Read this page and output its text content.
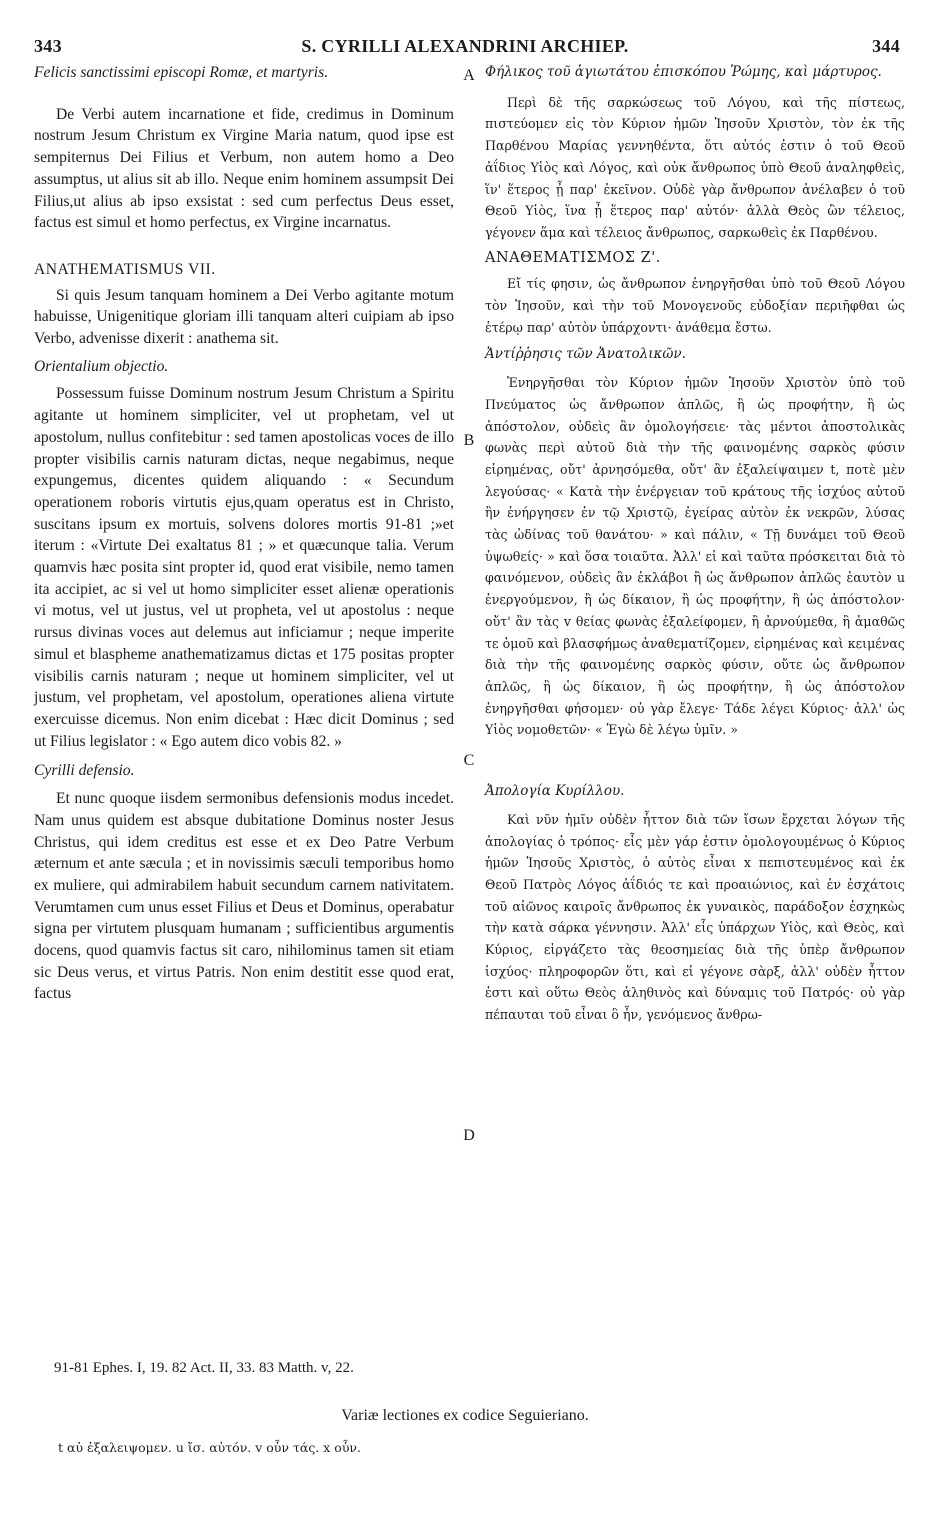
343	S. CYRILLI ALEXANDRINI ARCHIEP.	344

Felicis sanctissimi episcopi Romæ, et martyris.

De Verbi autem incarnatione et fide, credimus in Dominum nostrum Jesum Christum ex Virgine Maria natum, quod ipse est sempiternus Dei Filius et Verbum, non autem homo a Deo assumptus, ut alius sit ab illo. Neque enim hominem assumpsit Dei Filius,ut alius ab ipso exsistat : sed cum perfectus Deus esset, factus est simul et homo perfectus, ex Virgine incarnatus.

ANATHEMATISMUS VII.

Si quis Jesum tanquam hominem a Dei Verbo agitante motum habuisse, Unigenitique gloriam illi tanquam alteri cuipiam ab ipso Verbo, advenisse dixerit : anathema sit.

Orientalium objectio.

Possessum fuisse Dominum nostrum Jesum Christum a Spiritu agitante ut hominem simpliciter, vel ut prophetam, vel ut apostolum, nullus confitebitur : sed tamen apostolicas voces de illo propter visibilis carnis naturam dictas, neque negabimus, neque expungemus, dicentes quidem aliquando : « Secundum operationem roboris virtutis ejus,quam operatus est in Christo, suscitans ipsum ex mortuis, solvens dolores mortis 91-81 ;»et iterum : «Virtute Dei exaltatus 81 ; » et quæcunque talia. Verum quamvis hæc posita sint propter id, quod erat visibile, nemo tamen ita accipiet, ac si vel ut homo simpliciter esset alienæ operationis vi motus, vel ut justus, vel ut propheta, vel ut apostolus : neque rursus divinas voces aut delemus aut inficiamur ; neque imperite simul et blaspheme anathematizamus dictas et 175 positas propter visibilis carnis naturam ; neque ut hominem simpliciter, vel ut justum, vel prophetam, vel apostolum, operationes aliena virtute exercuisse dicemus. Non enim dicebat : Hæc dicit Dominus ; sed ut Filius legislator : « Ego autem dico vobis 82. »

Cyrilli defensio.

Et nunc quoque iisdem sermonibus defensionis modus incedet. Nam unus quidem est absque dubitatione Dominus noster Jesus Christus, qui idem creditus est esse et ex Deo Patre Verbum æternum et ante sæcula ; et in novissimis sæculi temporibus homo ex muliere, qui admirabilem habuit secundum carnem nativitatem. Verumtamen cum unus esset Filius et Deus et Dominus, operabatur signa per virtutem plusquam humanam ; sufficientibus argumentis docens, quod quamvis factus sit caro, nihilominus tamen sit etiam sic Deus verus, et virtus Patris. Non enim destitit esse quod erat, factus

Φήλικος τοῦ ἁγιωτάτου ἐπισκόπου Ῥώμης, καὶ μάρτυρος.

Περὶ δὲ τῆς σαρκώσεως τοῦ Λόγου, καὶ τῆς πίστεως, πιστεύομεν εἰς τὸν Κύριον ἡμῶν Ἰησοῦν Χριστὸν, τὸν ἐκ τῆς Παρθένου Μαρίας γεννηθέντα, ὅτι αὐτός ἐστιν ὁ τοῦ Θεοῦ ἀΐδιος Υἱὸς καὶ Λόγος, καὶ οὐκ ἄνθρωπος ὑπὸ Θεοῦ ἀναληφθεὶς, ἵν' ἕτερος ᾖ παρ' ἐκεῖνον. Οὐδὲ γὰρ ἄνθρωπον ἀνέλαβεν ὁ τοῦ Θεοῦ Υἱὸς, ἵνα ᾖ ἕτερος παρ' αὐτόν· ἀλλὰ Θεὸς ὢν τέλειος, γέγονεν ἅμα καὶ τέλειος ἄνθρωπος, σαρκωθεὶς ἐκ Παρθένου.

ΑΝΑΘΕΜΑΤΙΣΜΟΣ Ζ'.

Εἴ τίς φησιν, ὡς ἄνθρωπον ἐνηργῆσθαι ὑπὸ τοῦ Θεοῦ Λόγου τὸν Ἰησοῦν, καὶ τὴν τοῦ Μονογενοῦς εὐδοξίαν περιῆφθαι ὡς ἑτέρῳ παρ' αὐτὸν ὑπάρχοντι· ἀνάθεμα ἔστω.

Ἀντίῤῥησις τῶν Ἀνατολικῶν.

Ἐνηργῆσθαι τὸν Κύριον ἡμῶν Ἰησοῦν Χριστὸν ὑπὸ τοῦ Πνεύματος ὡς ἄνθρωπον ἁπλῶς, ἢ ὡς προφήτην, ἢ ὡς ἀπόστολον, οὐδεὶς ἂν ὁμολογήσειε· τὰς μέντοι ἀποστολικὰς φωνὰς περὶ αὐτοῦ διὰ τὴν τῆς φαινομένης σαρκὸς φύσιν εἰρημένας, οὔτ' ἀρνησόμεθα, οὔτ' ἂν ἐξαλείψαιμεν t, ποτὲ μὲν λεγούσας· « Κατὰ τὴν ἐνέργειαν τοῦ κράτους τῆς ἰσχύος αὐτοῦ ἣν ἐνήργησεν ἐν τῷ Χριστῷ, ἐγείρας αὐτὸν ἐκ νεκρῶν, λύσας τὰς ὠδίνας τοῦ θανάτου· » καὶ πάλιν, « Τῇ δυνάμει τοῦ Θεοῦ ὑψωθείς· » καὶ ὅσα τοιαῦτα. Ἀλλ' εἰ καὶ ταῦτα πρόσκειται διὰ τὸ φαινόμενον, οὐδεὶς ἂν ἐκλάβοι ἢ ὡς ἄνθρωπον ἁπλῶς ἑαυτὸν u ἐνεργούμενον, ἢ ὡς δίκαιον, ἢ ὡς προφήτην, ἢ ὡς ἀπόστολον· οὔτ' ἂν τὰς v θείας φωνὰς ἐξαλείφομεν, ἢ ἀρνούμεθα, ἢ ἀμαθῶς τε ὁμοῦ καὶ βλασφήμως ἀναθεματίζομεν, εἰρημένας καὶ κειμένας διὰ τὴν τῆς φαινομένης σαρκὸς φύσιν, οὔτε ὡς ἄνθρωπον ἁπλῶς, ἢ ὡς δίκαιον, ἢ ὡς προφήτην, ἢ ὡς ἀπόστολον ἐνηργῆσθαι φήσομεν· οὐ γὰρ ἔλεγε· Τάδε λέγει Κύριος· ἀλλ' ὡς Υἱὸς νομοθετῶν· « Ἐγὼ δὲ λέγω ὑμῖν. »

Ἀπολογία Κυρίλλου.

Καὶ νῦν ἡμῖν οὐδὲν ἧττον διὰ τῶν ἴσων ἔρχεται λόγων τῆς ἀπολογίας ὁ τρόπος· εἷς μὲν γάρ ἐστιν ὁμολογουμένως ὁ Κύριος ἡμῶν Ἰησοῦς Χριστὸς, ὁ αὐτὸς εἶναι x πεπιστευμένος καὶ ἐκ Θεοῦ Πατρὸς Λόγος ἀΐδιός τε καὶ προαιώνιος, καὶ ἐν ἐσχάτοις τοῦ αἰῶνος καιροῖς ἄνθρωπος ἐκ γυναικὸς, παράδοξον ἐσχηκὼς τὴν κατὰ σάρκα γέννησιν. Ἀλλ' εἷς ὑπάρχων Υἱὸς, καὶ Θεὸς, καὶ Κύριος, εἰργάζετο τὰς θεοσημείας διὰ τῆς ὑπὲρ ἄνθρωπον ἰσχύος· πληροφορῶν ὅτι, καὶ εἰ γέγονε σὰρξ, ἀλλ' οὐδὲν ἧττον ἐστι καὶ οὕτω Θεὸς ἀληθινὸς καὶ δύναμις τοῦ Πατρός· οὐ γὰρ πέπαυται τοῦ εἶναι ὃ ἦν, γενόμενος ἄνθρω-

A
B
C
D
91-81 Ephes. I, 19. 82 Act. II, 33. 83 Matth. v, 22.
Variæ lectiones ex codice Seguieriano.
t αὐ ἐξαλειψομεν. u ἴσ. αὐτόν. v οὖν τάς. x οὖν.
